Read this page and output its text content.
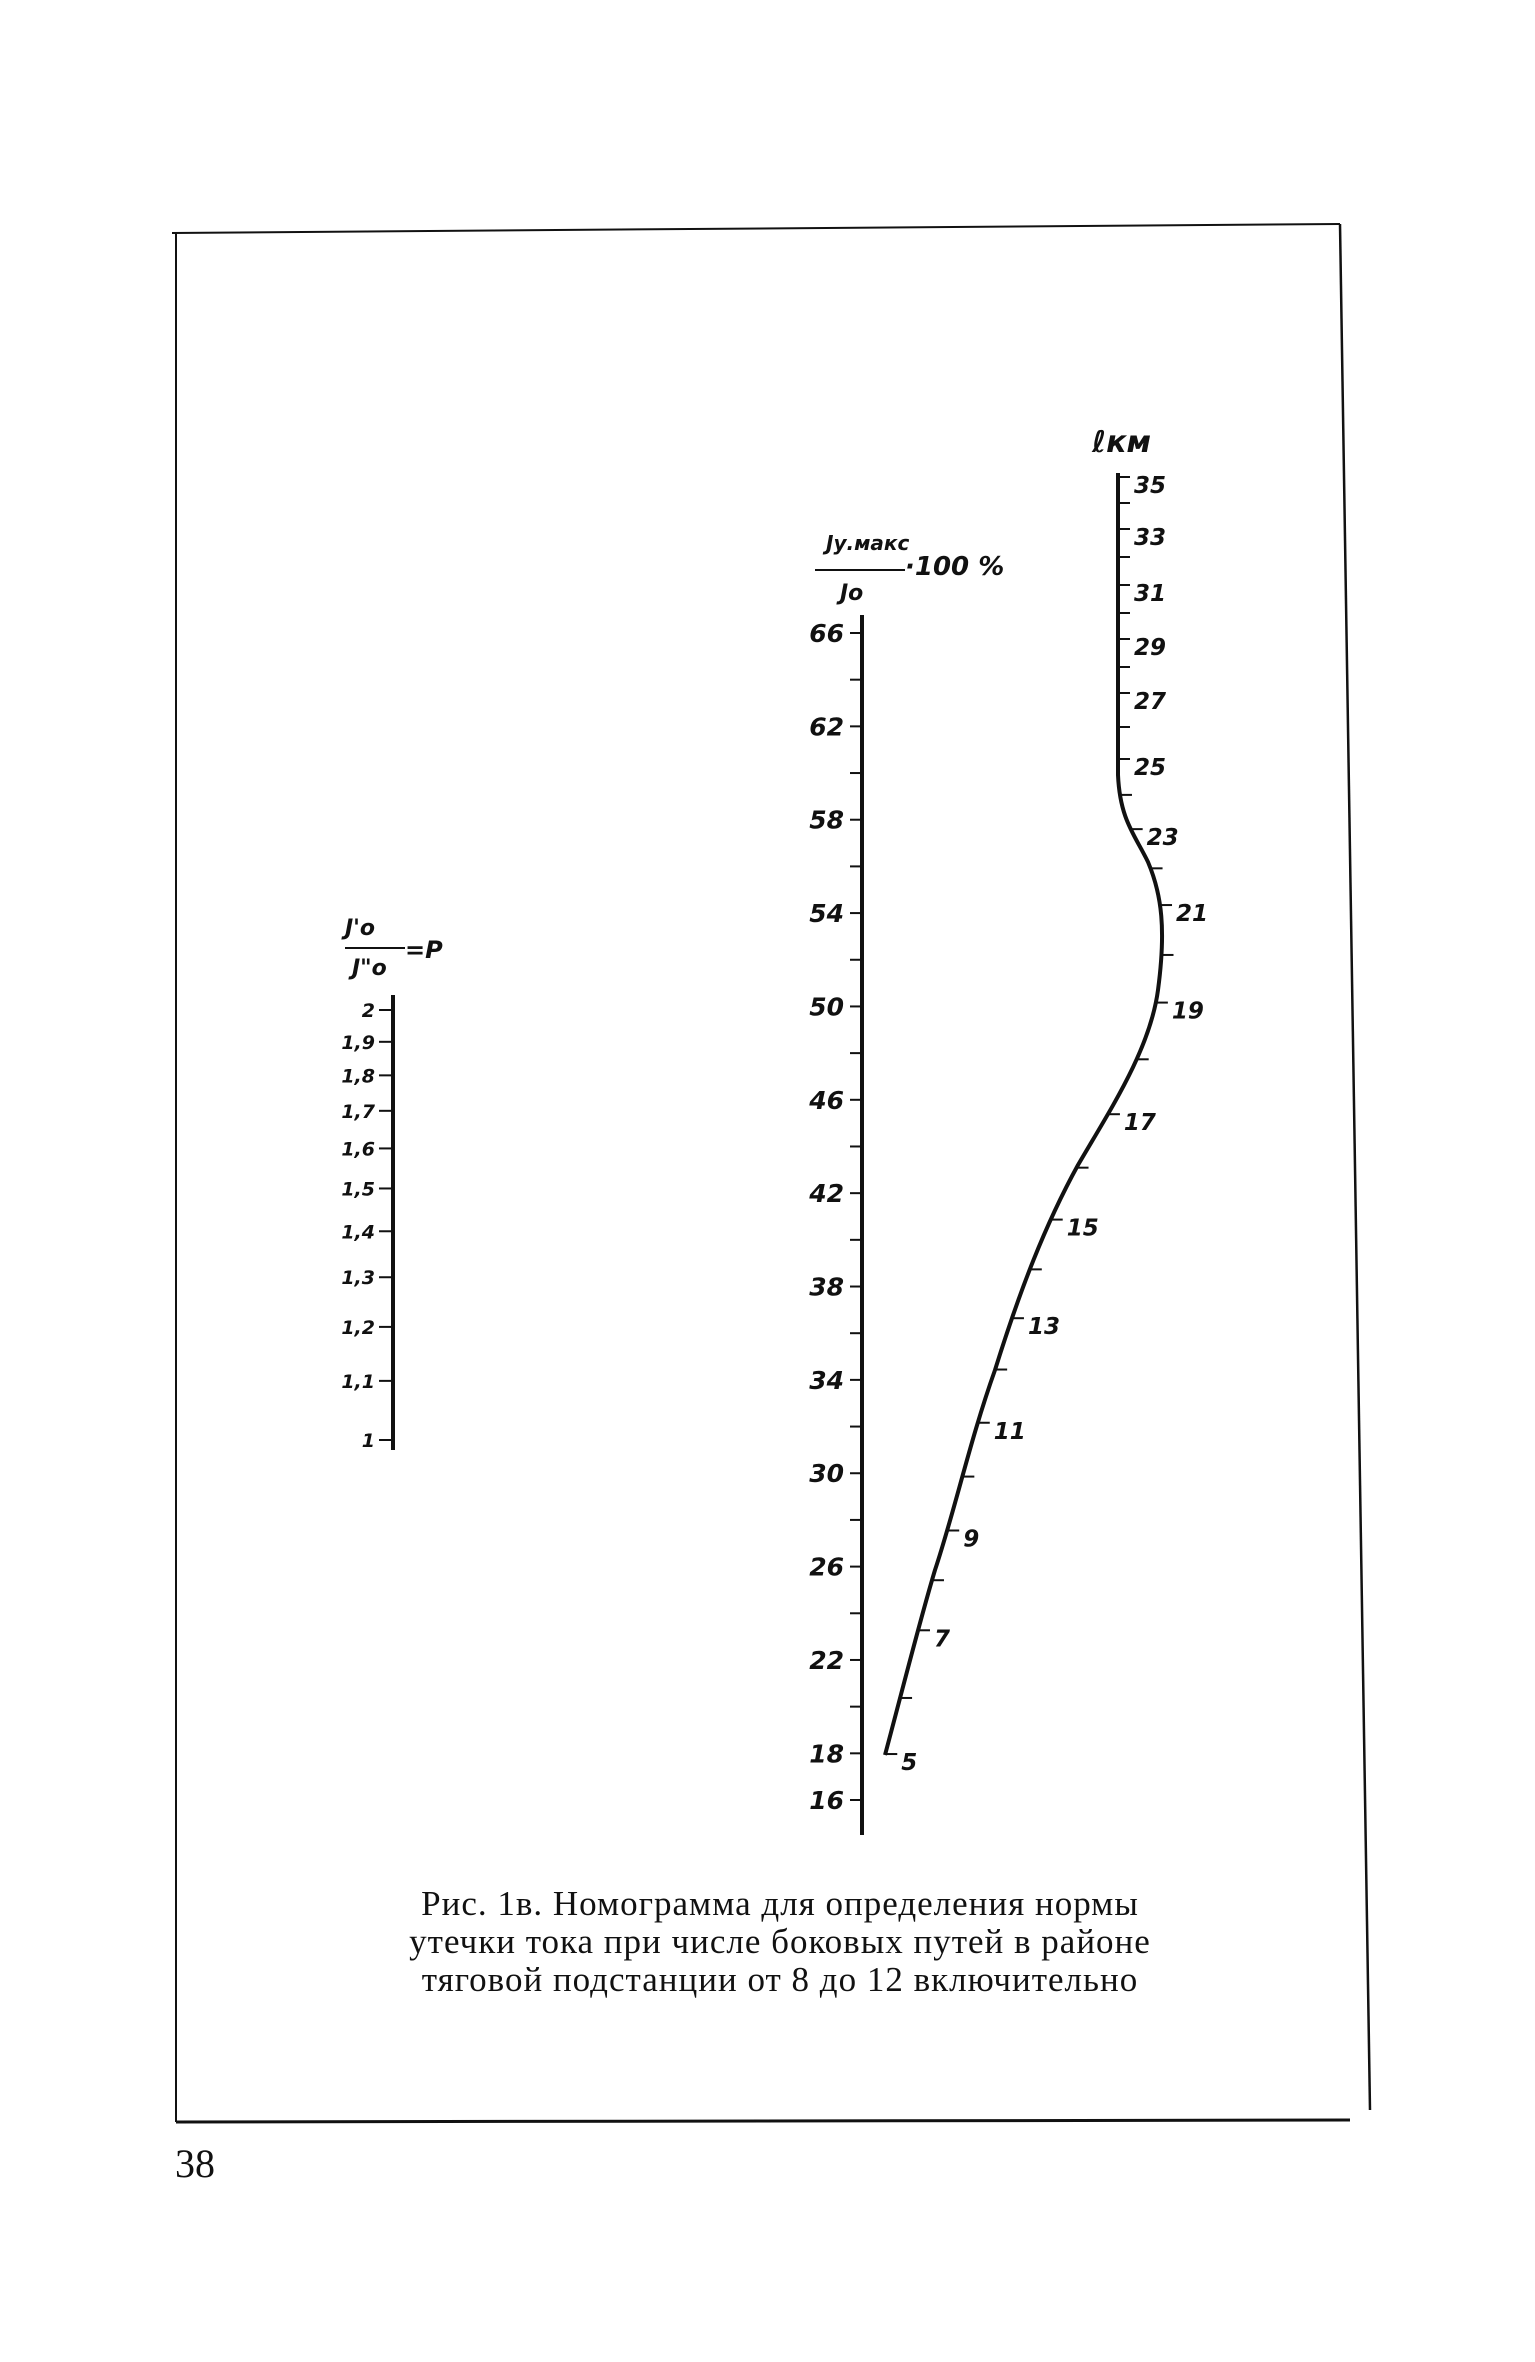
J'o
J"o
=P
2
1,9
1,8
1,7
1,6
1,5
1,4
1,3
1,2
1,1
1
Jу.макс
Jo
·100 %
66
62
58
54
50
46
42
38
34
30
26
22
18
16
ℓкм
35
33
31
29
27
25
23
21
19
17
15
13
11
9
7
5
Рис. 1в. Номограмма для определения нормы
утечки тока при числе боковых путей в районе
тяговой подстанции от 8 до 12 включительно
38
